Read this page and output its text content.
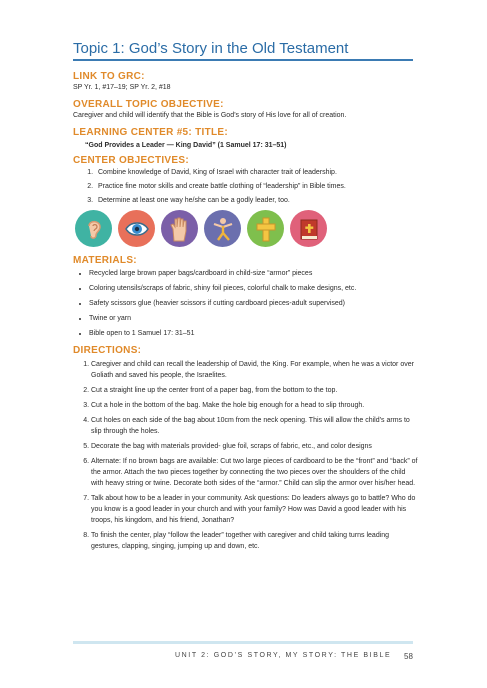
Topic 1: God’s Story in the Old Testament

LINK TO GRC:

SP Yr. 1, #17–19; SP Yr. 2, #18

OVERALL TOPIC OBJECTIVE:

Caregiver and child will identify that the Bible is God’s story of His love for all of creation.

LEARNING CENTER #5: TITLE:

“God Provides a Leader — King David” (1 Samuel 17: 31–51)

CENTER OBJECTIVES:

1. Combine knowledge of David, King of Israel with character trait of leadership.
2. Practice fine motor skills and create battle clothing of “leadership” in Bible times.
3. Determine at least one way he/she can be a godly leader, too.

MATERIALS:

• Recycled large brown paper bags/cardboard in child-size “armor” pieces
• Coloring utensils/scraps of fabric, shiny foil pieces, colorful chalk to make designs, etc.
• Safety scissors glue (heavier scissors if cutting cardboard pieces-adult supervised)
• Twine or yarn
• Bible open to 1 Samuel 17: 31–51

DIRECTIONS:

1. Caregiver and child can recall the leadership of David, the King. For example, when he was a victor over Goliath and saved his people, the Israelites.
2. Cut a straight line up the center front of a paper bag, from the bottom to the top.
3. Cut a hole in the bottom of the bag. Make the hole big enough for a head to slip through.
4. Cut holes on each side of the bag about 10cm from the neck opening. This will allow the child’s arms to slip through the holes.
5. Decorate the bag with materials provided- glue foil, scraps of fabric, etc., and color designs
6. Alternate: If no brown bags are available: Cut two large pieces of cardboard to be the “front” and “back” of the armor. Attach the two pieces together by connecting the two pieces over the shoulders of the child with heavy string or twine. Decorate both sides of the “armor.” Child can slip the armor over his/her head.
7. Talk about how to be a leader in your community. Ask questions: Do leaders always go to battle? Who do you know is a good leader in your church and with your family? How was David a good leader with his troops, his kingdom, and his friend, Jonathan?
8. To finish the center, play “follow the leader” together with caregiver and child taking turns leading gestures, clapping, singing, jumping up and down, etc.
UNIT 2: GOD’S STORY, MY STORY: THE BIBLE 58
